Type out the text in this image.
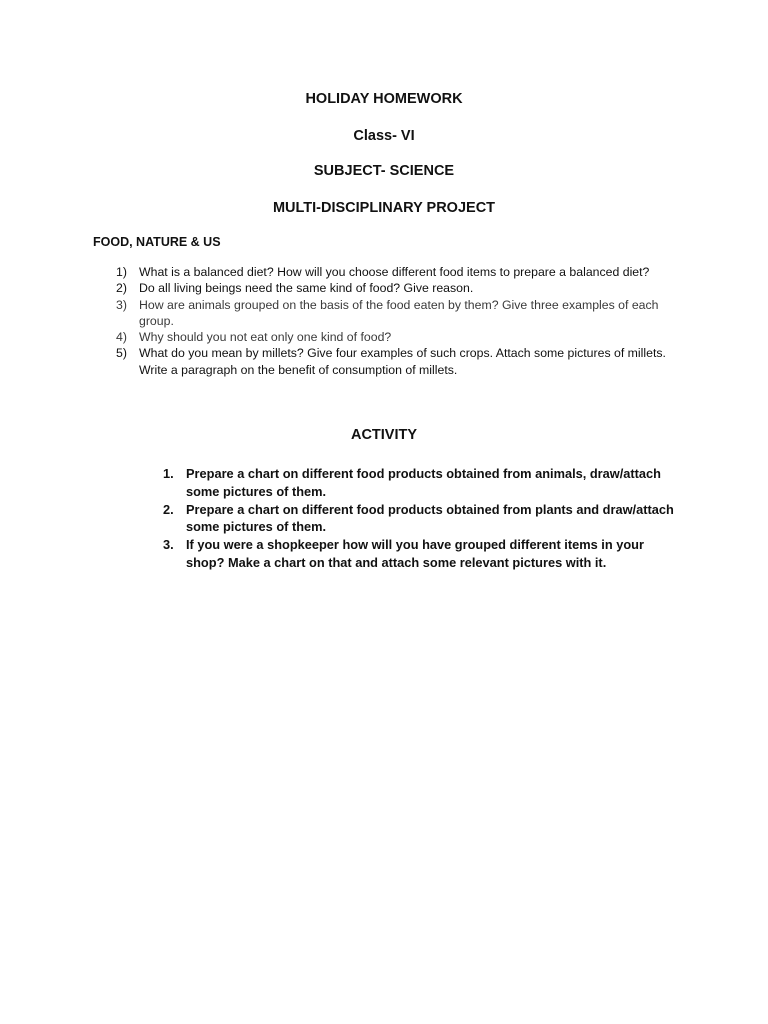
HOLIDAY HOMEWORK
Class- VI
SUBJECT- SCIENCE
MULTI-DISCIPLINARY PROJECT
FOOD, NATURE & US
1) What is a balanced diet? How will you choose different food items to prepare a balanced diet?
2) Do all living beings need the same kind of food? Give reason.
3) How are animals grouped on the basis of the food eaten by them? Give three examples of each group.
4) Why should you not eat only one kind of food?
5) What do you mean by millets? Give four examples of such crops. Attach some pictures of millets. Write a paragraph on the benefit of consumption of millets.
ACTIVITY
1. Prepare a chart on different food products obtained from animals, draw/attach some pictures of them.
2. Prepare a chart on different food products obtained from plants and draw/attach some pictures of them.
3. If you were a shopkeeper how will you have grouped different items in your shop? Make a chart on that and attach some relevant pictures with it.
